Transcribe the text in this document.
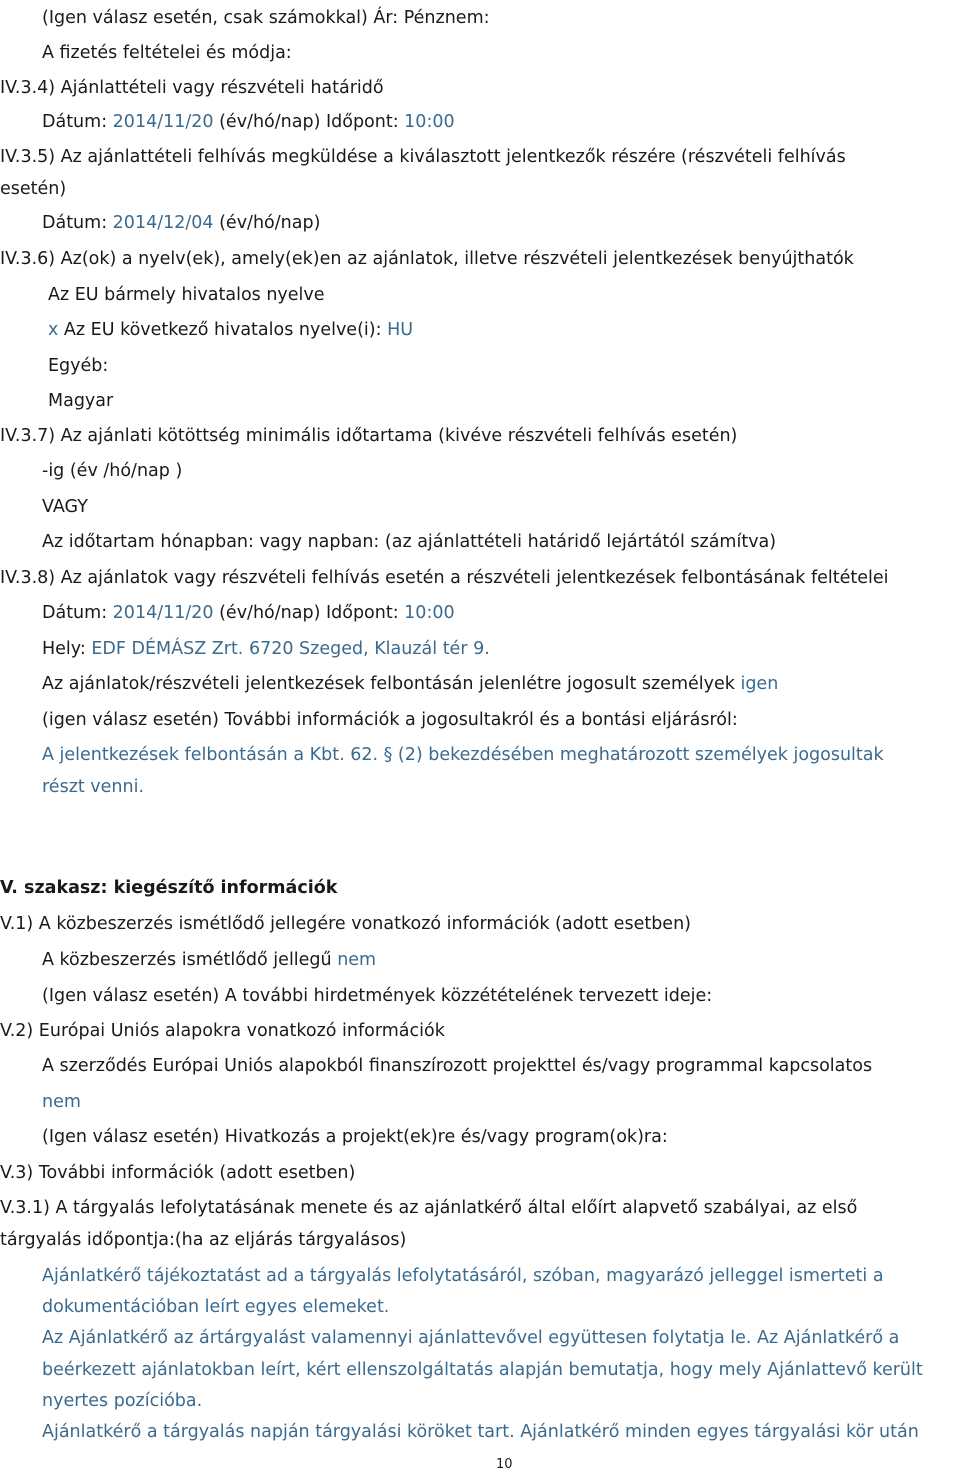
(Igen válasz esetén, csak számokkal) Ár: Pénznem:
A fizetés feltételei és módja:
IV.3.4) Ajánlattételi vagy részvételi határidő
Dátum: 2014/11/20 (év/hó/nap) Időpont: 10:00
IV.3.5) Az ajánlattételi felhívás megküldése a kiválasztott jelentkezők részére (részvételi felhívás
esetén)
Dátum: 2014/12/04 (év/hó/nap)
IV.3.6) Az(ok) a nyelv(ek), amely(ek)en az ajánlatok, illetve részvételi jelentkezések benyújthatók
Az EU bármely hivatalos nyelve
x Az EU következő hivatalos nyelve(i): HU
Egyéb:
Magyar
IV.3.7) Az ajánlati kötöttség minimális időtartama (kivéve részvételi felhívás esetén)
-ig (év /hó/nap )
VAGY
Az időtartam hónapban: vagy napban: (az ajánlattételi határidő lejártától számítva)
IV.3.8) Az ajánlatok vagy részvételi felhívás esetén a részvételi jelentkezések felbontásának feltételei
Dátum: 2014/11/20 (év/hó/nap) Időpont: 10:00
Hely: EDF DÉMÁSZ Zrt. 6720 Szeged, Klauzál tér 9.
Az ajánlatok/részvételi jelentkezések felbontásán jelenlétre jogosult személyek igen
(igen válasz esetén) További információk a jogosultakról és a bontási eljárásról:
A jelentkezések felbontásán a Kbt. 62. § (2) bekezdésében meghatározott személyek jogosultak
részt venni.
V. szakasz: kiegészítő információk
V.1) A közbeszerzés ismétlődő jellegére vonatkozó információk (adott esetben)
A közbeszerzés ismétlődő jellegű nem
(Igen válasz esetén) A további hirdetmények közzétételének tervezett ideje:
V.2) Európai Uniós alapokra vonatkozó információk
A szerződés Európai Uniós alapokból finanszírozott projekttel és/vagy programmal kapcsolatos
nem
(Igen válasz esetén) Hivatkozás a projekt(ek)re és/vagy program(ok)ra:
V.3) További információk (adott esetben)
V.3.1) A tárgyalás lefolytatásának menete és az ajánlatkérő által előírt alapvető szabályai, az első
tárgyalás időpontja:(ha az eljárás tárgyalásos)
Ajánlatkérő tájékoztatást ad a tárgyalás lefolytatásáról, szóban, magyarázó jelleggel ismerteti a
dokumentációban leírt egyes elemeket.
Az Ajánlatkérő az ártárgyalást valamennyi ajánlattevővel együttesen folytatja le. Az Ajánlatkérő a
beérkezett ajánlatokban leírt, kért ellenszolgáltatás alapján bemutatja, hogy mely Ajánlattevő került
nyertes pozícióba.
Ajánlatkérő a tárgyalás napján tárgyalási köröket tart. Ajánlatkérő minden egyes tárgyalási kör után
10
